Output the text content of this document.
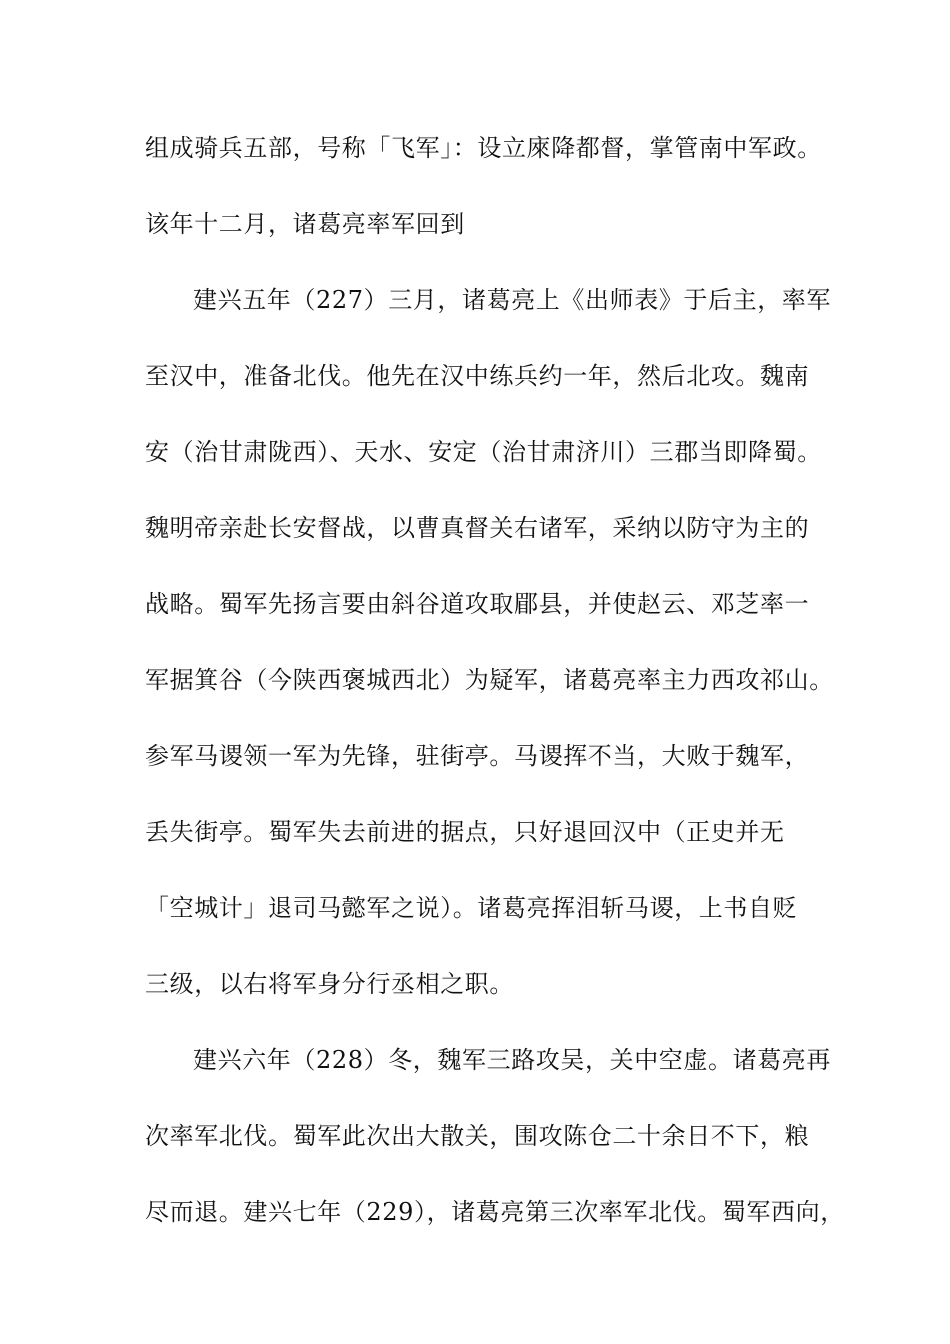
组成骑兵五部，号称「飞军」：设立庲降都督，掌管南中军政。
该年十二月，诸葛亮率军回到
建兴五年（227）三月，诸葛亮上《出师表》于后主，率军
至汉中，准备北伐。他先在汉中练兵约一年，然后北攻。魏南
安（治甘肃陇西）、天水、安定（治甘肃济川）三郡当即降蜀。
魏明帝亲赴长安督战，以曹真督关右诸军，采纳以防守为主的
战略。蜀军先扬言要由斜谷道攻取郿县，并使赵云、邓芝率一
军据箕谷（今陕西褒城西北）为疑军，诸葛亮率主力西攻祁山。
参军马谡领一军为先锋，驻街亭。马谡挥不当，大败于魏军，
丢失街亭。蜀军失去前进的据点，只好退回汉中（正史并无
「空城计」退司马懿军之说）。诸葛亮挥泪斩马谡，上书自贬
三级，以右将军身分行丞相之职。
建兴六年（228）冬，魏军三路攻吴，关中空虚。诸葛亮再
次率军北伐。蜀军此次出大散关，围攻陈仓二十余日不下，粮
尽而退。建兴七年（229），诸葛亮第三次率军北伐。蜀军西向，
